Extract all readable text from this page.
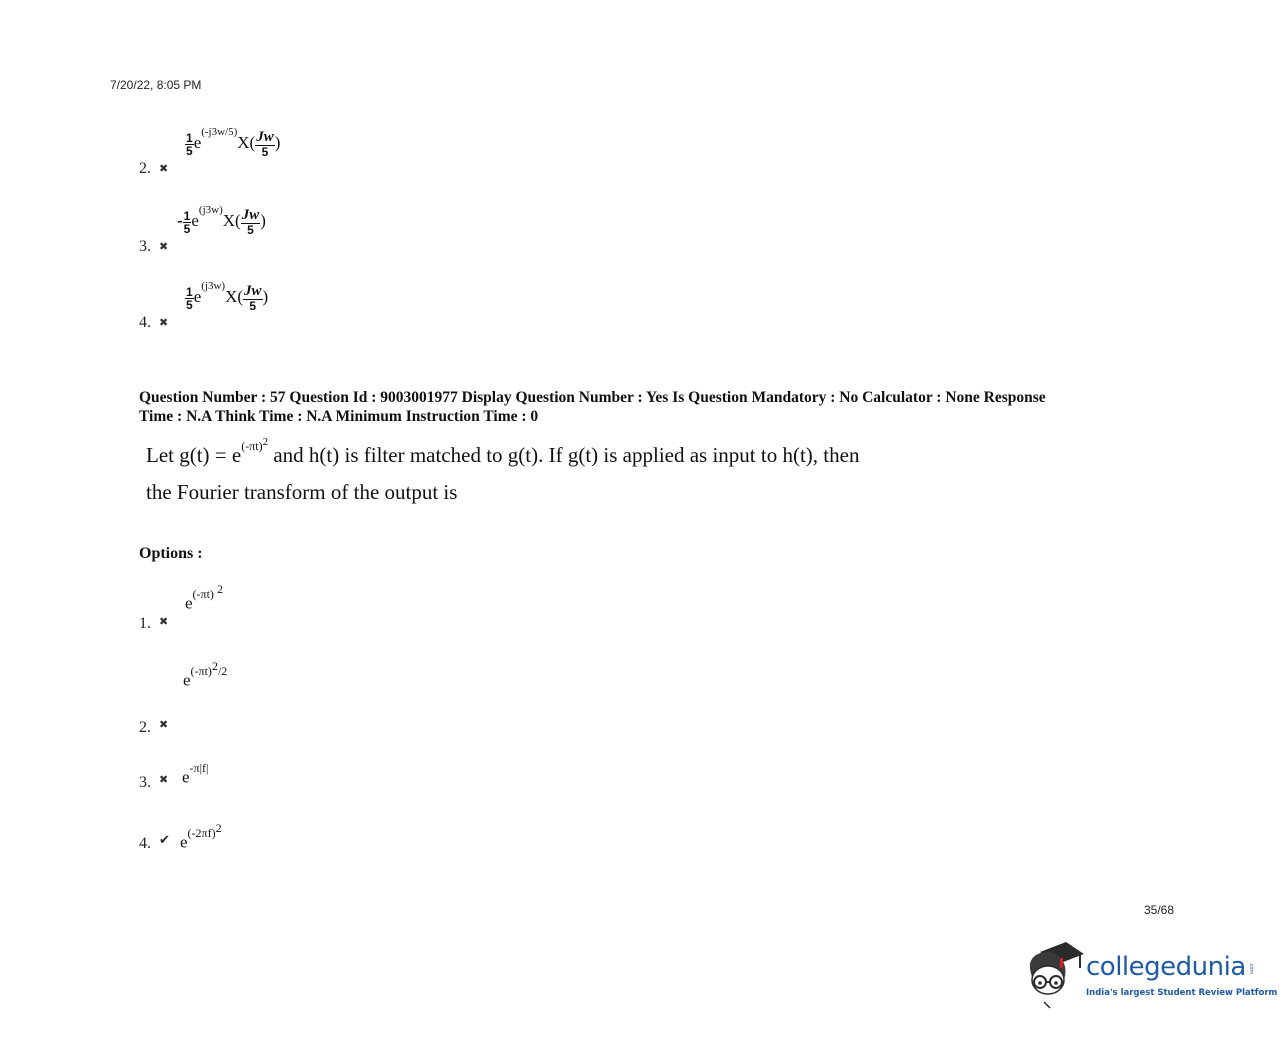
7/20/22, 8:05 PM
2. ✖
$\frac{1}{5} e^{(-j3w/5)}X( \frac{Jw}{5}$ )
3. ✖
- $\frac{1}{5} e^{(j3w)}X( \frac{Jw}{5}$ )
4. ✖
$\frac{1}{5} e^{(j3w)}X( \frac{Jw}{5}$ )
Question Number : 57 Question Id : 9003001977 Display Question Number : Yes Is Question Mandatory : No Calculator : None Response
Time : N.A Think Time : N.A Minimum Instruction Time : 0
Let $g(t) = e^{(-\pi t)^2}$ and h(t) is filter matched to g(t). If g(t) is applied as input to h(t), then
the Fourier transform of the output is
Options :
1. ✖
$e^{(-\pi t) ^2}$
2. ✖
$e^{(-\pi t)^2/2}$
3. ✖ $e^{-\pi|f|}$
4. ✔ $e^{(-2\pi f)^2}$
35/68
collegedunia .com
India's largest Student Review Platform
